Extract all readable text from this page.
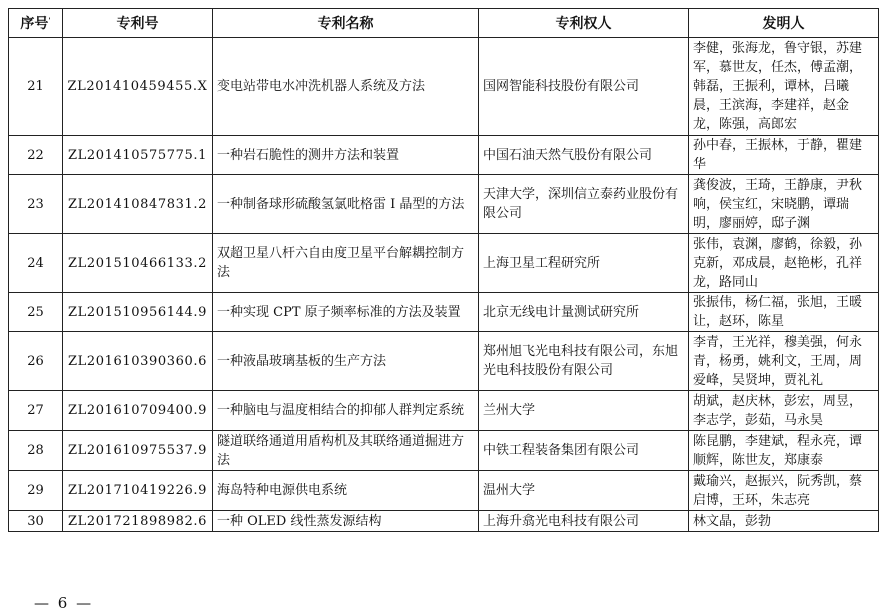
序号'	专利号	专利名称	专利权人	发明人
21	ZL201410459455.X	变电站带电水冲洗机器人系统及方法	国网智能科技股份有限公司	李健，张海龙，鲁守银，苏建军，慕世友，任杰，傅孟潮，韩磊，王振利，谭林，吕曦晨，王滨海，李建祥，赵金龙，陈强，高郎宏
22	ZL201410575775.1	一种岩石脆性的测井方法和装置	中国石油天然气股份有限公司	孙中春，王振林，于静，瞿建华
23	ZL201410847831.2	一种制备球形硫酸氢氯吡格雷 I 晶型的方法	天津大学，深圳信立泰药业股份有限公司	龚俊波，王琦，王静康，尹秋响，侯宝红，宋晓鹏，谭瑞明，廖丽婷，邸子渊
24	ZL201510466133.2	双超卫星八杆六自由度卫星平台解耦控制方法	上海卫星工程研究所	张伟，袁渊，廖鹤，徐毅，孙克新，邓成晨，赵艳彬，孔祥龙，路同山
25	ZL201510956144.9	一种实现 CPT 原子频率标准的方法及装置	北京无线电计量测试研究所	张振伟，杨仁福，张旭，王暖让，赵环，陈星
26	ZL201610390360.6	一种液晶玻璃基板的生产方法	郑州旭飞光电科技有限公司，东旭光电科技股份有限公司	李青，王光祥，穆美强，何永青，杨勇，姚利文，王周，周爱峰，吴贤坤，贾礼礼
27	ZL201610709400.9	一种脑电与温度相结合的抑郁人群判定系统	兰州大学	胡斌，赵庆林，彭宏，周昱，李志学，彭茹，马永昊
28	ZL201610975537.9	隧道联络通道用盾构机及其联络通道掘进方法	中铁工程装备集团有限公司	陈昆鹏，李建斌，程永亮，谭顺辉，陈世友，郑康泰
29	ZL201710419226.9	海岛特种电源供电系统	温州大学	戴瑜兴，赵振兴，阮秀凯，蔡启博，王环，朱志亮
30	ZL201721898982.6	一种 OLED 线性蒸发源结构	上海升翕光电科技有限公司	林文晶，彭勃
— 6 —
